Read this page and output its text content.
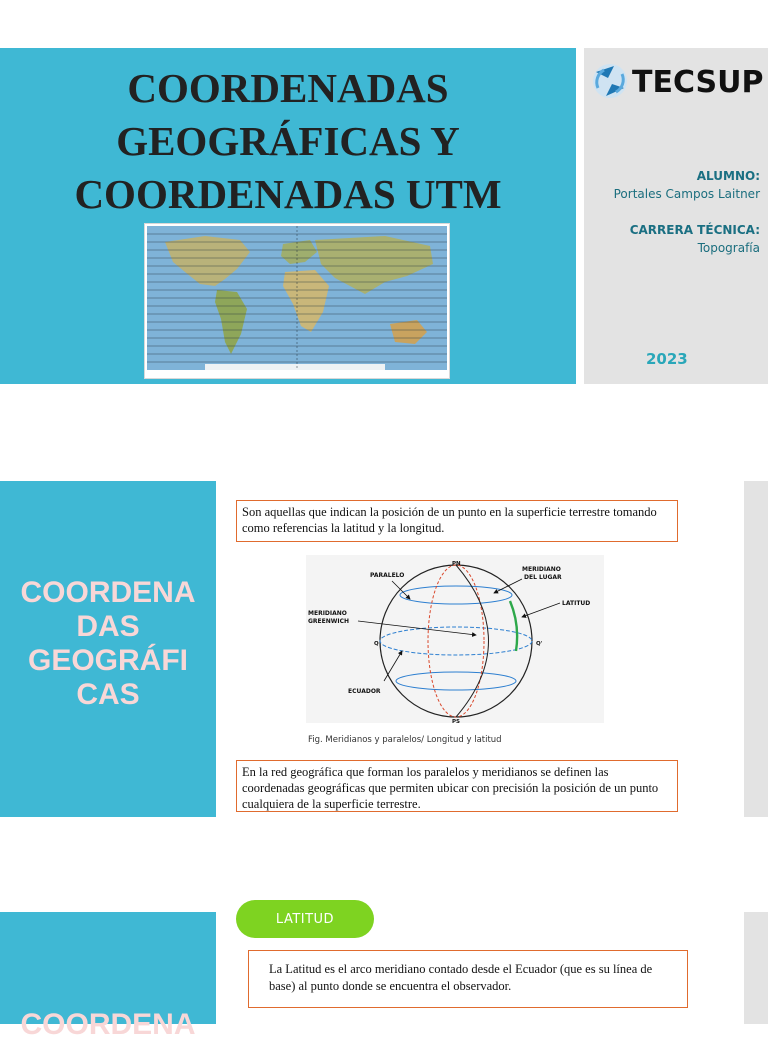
COORDENADAS
GEOGRÁFICAS Y
COORDENADAS UTM
TECSUP
ALUMNO:
Portales Campos Laitner
CARRERA TÉCNICA:
Topografía
2023
COORDENA
DAS
GEOGRÁFI
CAS
Son aquellas que indican la posición de un punto en la superficie terrestre tomando como referencias la latitud y la longitud.
PN
PS
Q	Q'
PARALELO
MERIDIANO
DEL LUGAR
LATITUD
MERIDIANO
GREENWICH
ECUADOR
Fig. Meridianos y paralelos/ Longitud y latitud
En la red geográfica que forman los paralelos y meridianos se definen las coordenadas geográficas que permiten ubicar con precisión la posición de un punto cualquiera de la superficie terrestre.
COORDENA
LATITUD
La Latitud es el arco meridiano contado desde el Ecuador (que es su línea de base) al punto donde se encuentra el observador.
